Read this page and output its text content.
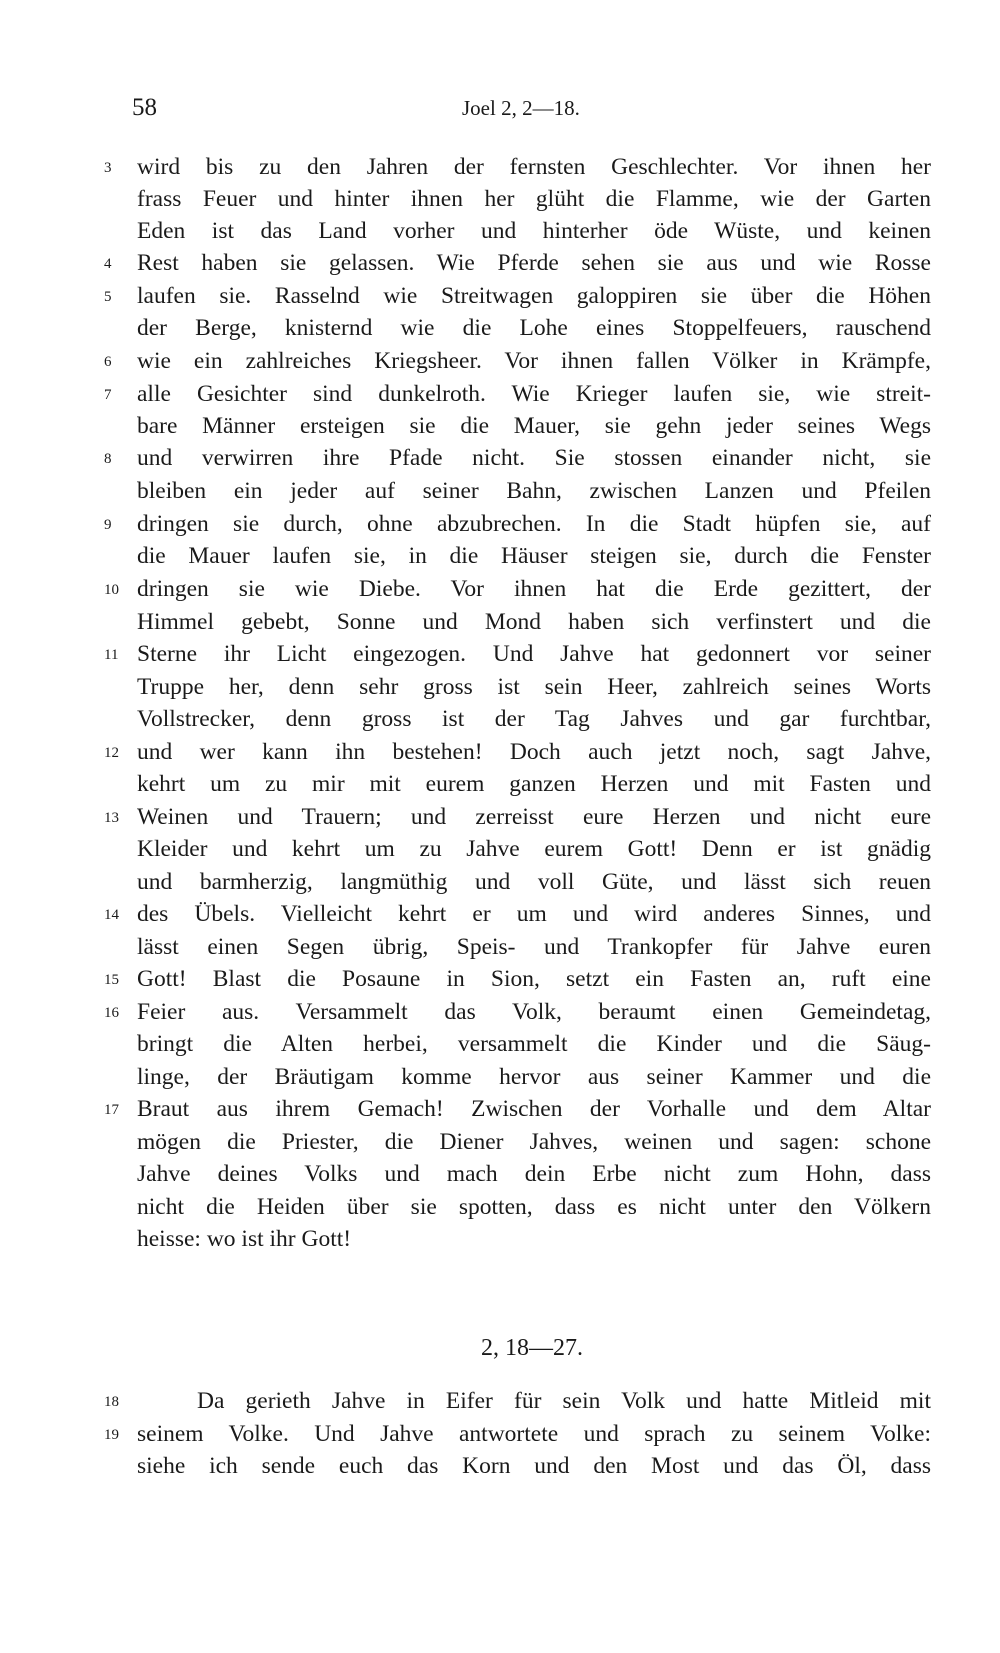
58	Joel 2, 2—18.
3	wird bis zu den Jahren der fernsten Geschlechter. Vor ihnen her
frass Feuer und hinter ihnen her glüht die Flamme, wie der Garten
Eden ist das Land vorher und hinterher öde Wüste, und keinen
4	Rest haben sie gelassen. Wie Pferde sehen sie aus und wie Rosse
5	laufen sie. Rasselnd wie Streitwagen galoppiren sie über die Höhen
der Berge, knisternd wie die Lohe eines Stoppelfeuers, rauschend
6	wie ein zahlreiches Kriegsheer. Vor ihnen fallen Völker in Krämpfe,
7	alle Gesichter sind dunkelroth. Wie Krieger laufen sie, wie streit-
bare Männer ersteigen sie die Mauer, sie gehn jeder seines Wegs
8	und verwirren ihre Pfade nicht. Sie stossen einander nicht, sie
bleiben ein jeder auf seiner Bahn, zwischen Lanzen und Pfeilen
9	dringen sie durch, ohne abzubrechen. In die Stadt hüpfen sie, auf
die Mauer laufen sie, in die Häuser steigen sie, durch die Fenster
10 dringen sie wie Diebe. Vor ihnen hat die Erde gezittert, der
Himmel gebebt, Sonne und Mond haben sich verfinstert und die
11 Sterne ihr Licht eingezogen. Und Jahve hat gedonnert vor seiner
Truppe her, denn sehr gross ist sein Heer, zahlreich seines Worts
Vollstrecker, denn gross ist der Tag Jahves und gar furchtbar,
12 und wer kann ihn bestehen! Doch auch jetzt noch, sagt Jahve,
kehrt um zu mir mit eurem ganzen Herzen und mit Fasten und
13 Weinen und Trauern; und zerreisst eure Herzen und nicht eure
Kleider und kehrt um zu Jahve eurem Gott! Denn er ist gnädig
und barmherzig, langmüthig und voll Güte, und lässt sich reuen
14 des Übels. Vielleicht kehrt er um und wird anderes Sinnes, und
lässt einen Segen übrig, Speis- und Trankopfer für Jahve euren
15 Gott! Blast die Posaune in Sion, setzt ein Fasten an, ruft eine
16 Feier aus. Versammelt das Volk, beraumt einen Gemeindetag,
bringt die Alten herbei, versammelt die Kinder und die Säug-
linge, der Bräutigam komme hervor aus seiner Kammer und die
17 Braut aus ihrem Gemach! Zwischen der Vorhalle und dem Altar
mögen die Priester, die Diener Jahves, weinen und sagen: schone
Jahve deines Volks und mach dein Erbe nicht zum Hohn, dass
nicht die Heiden über sie spotten, dass es nicht unter den Völkern
heisse: wo ist ihr Gott!
2, 18—27.
18	Da gerieth Jahve in Eifer für sein Volk und hatte Mitleid mit
19 seinem Volke. Und Jahve antwortete und sprach zu seinem Volke:
siehe ich sende euch das Korn und den Most und das Öl, dass
